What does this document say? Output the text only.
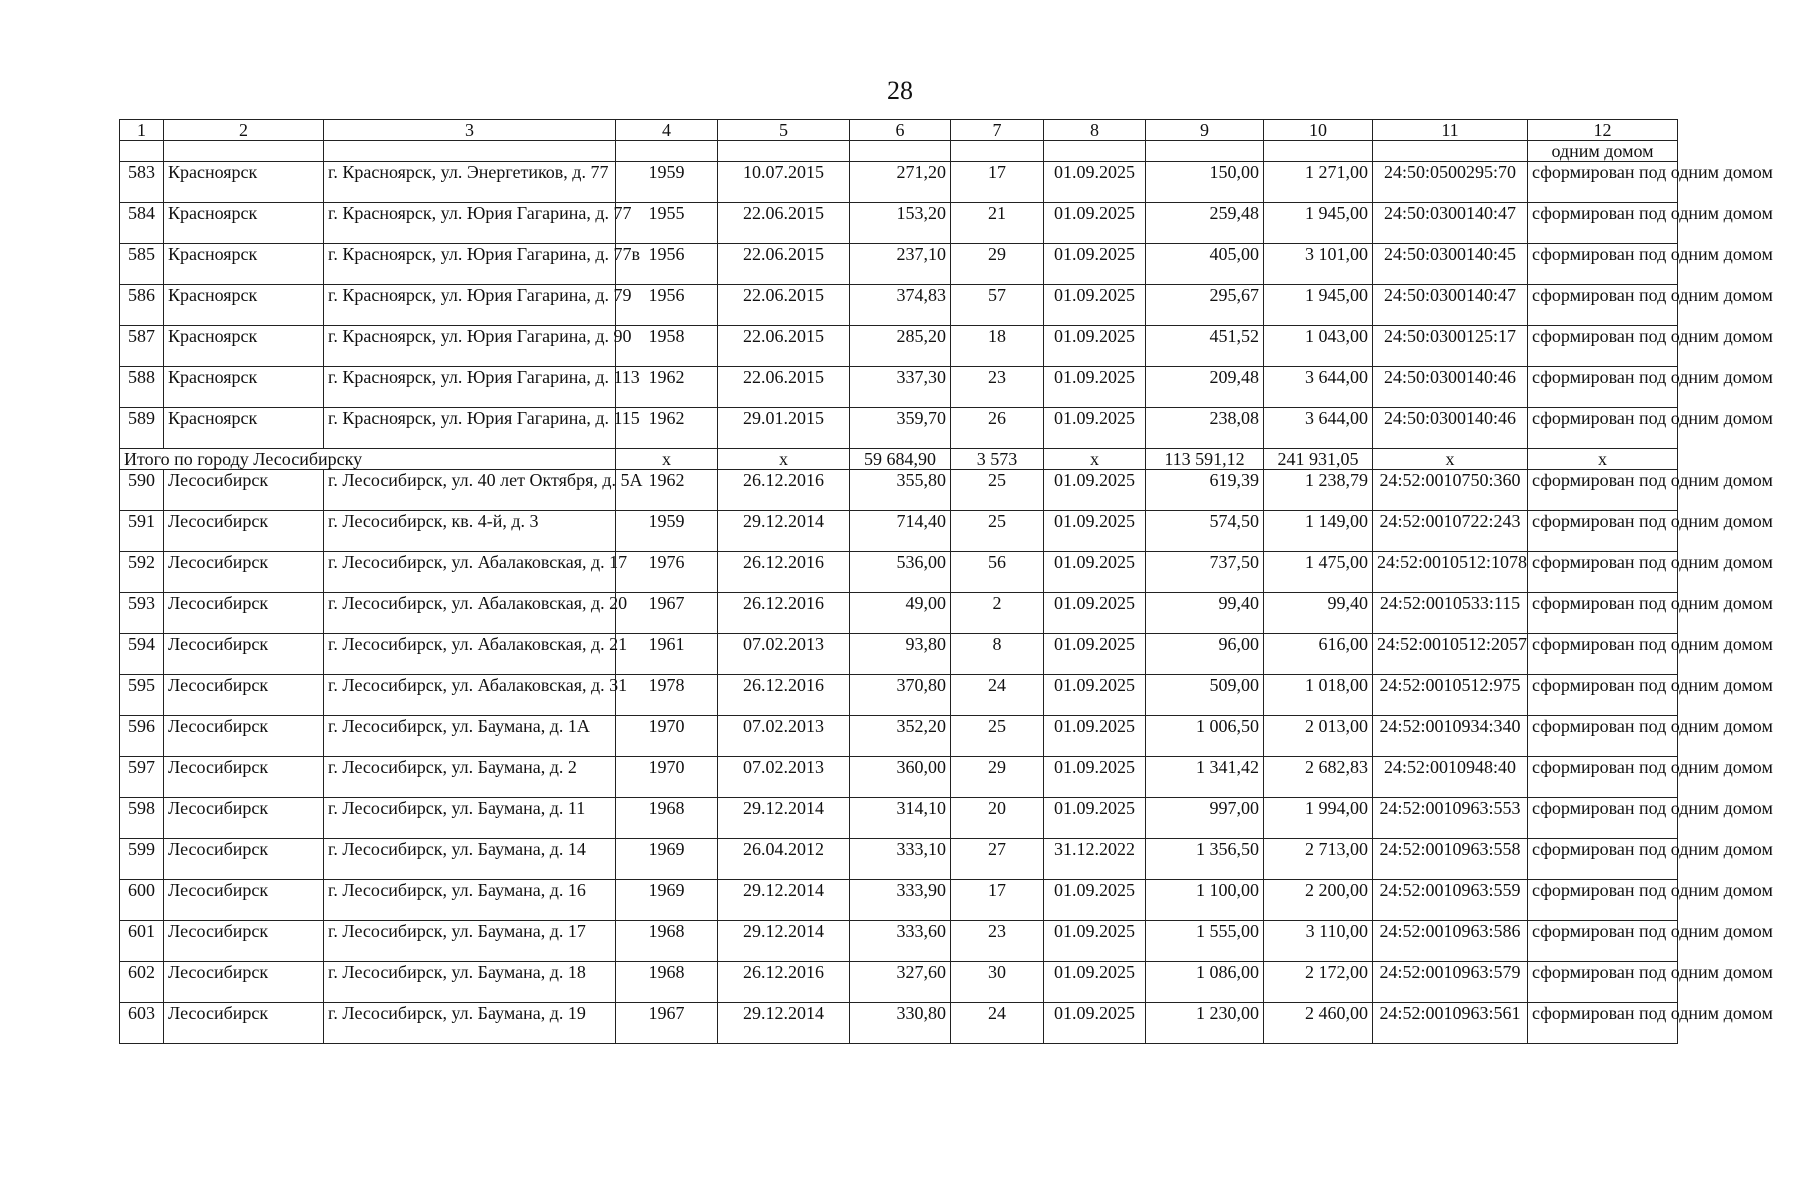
28
1	2	3	4	5	6	7	8	9	10	11	12
											одним домом
583	Красноярск	г. Красноярск, ул. Энергетиков, д. 77	1959	10.07.2015	271,20	17	01.09.2025	150,00	1 271,00	24:50:0500295:70	сформирован под одним домом
584	Красноярск	г. Красноярск, ул. Юрия Гагарина, д. 77	1955	22.06.2015	153,20	21	01.09.2025	259,48	1 945,00	24:50:0300140:47	сформирован под одним домом
585	Красноярск	г. Красноярск, ул. Юрия Гагарина, д. 77в	1956	22.06.2015	237,10	29	01.09.2025	405,00	3 101,00	24:50:0300140:45	сформирован под одним домом
586	Красноярск	г. Красноярск, ул. Юрия Гагарина, д. 79	1956	22.06.2015	374,83	57	01.09.2025	295,67	1 945,00	24:50:0300140:47	сформирован под одним домом
587	Красноярск	г. Красноярск, ул. Юрия Гагарина, д. 90	1958	22.06.2015	285,20	18	01.09.2025	451,52	1 043,00	24:50:0300125:17	сформирован под одним домом
588	Красноярск	г. Красноярск, ул. Юрия Гагарина, д. 113	1962	22.06.2015	337,30	23	01.09.2025	209,48	3 644,00	24:50:0300140:46	сформирован под одним домом
589	Красноярск	г. Красноярск, ул. Юрия Гагарина, д. 115	1962	29.01.2015	359,70	26	01.09.2025	238,08	3 644,00	24:50:0300140:46	сформирован под одним домом
Итого по городу Лесосибирску			х	х	59 684,90	3 573	х	113 591,12	241 931,05	х	х
590	Лесосибирск	г. Лесосибирск, ул. 40 лет Октября, д. 5А	1962	26.12.2016	355,80	25	01.09.2025	619,39	1 238,79	24:52:0010750:360	сформирован под одним домом
591	Лесосибирск	г. Лесосибирск, кв. 4-й, д. 3	1959	29.12.2014	714,40	25	01.09.2025	574,50	1 149,00	24:52:0010722:243	сформирован под одним домом
592	Лесосибирск	г. Лесосибирск, ул. Абалаковская, д. 17	1976	26.12.2016	536,00	56	01.09.2025	737,50	1 475,00	24:52:0010512:1078	сформирован под одним домом
593	Лесосибирск	г. Лесосибирск, ул. Абалаковская, д. 20	1967	26.12.2016	49,00	2	01.09.2025	99,40	99,40	24:52:0010533:115	сформирован под одним домом
594	Лесосибирск	г. Лесосибирск, ул. Абалаковская, д. 21	1961	07.02.2013	93,80	8	01.09.2025	96,00	616,00	24:52:0010512:2057	сформирован под одним домом
595	Лесосибирск	г. Лесосибирск, ул. Абалаковская, д. 31	1978	26.12.2016	370,80	24	01.09.2025	509,00	1 018,00	24:52:0010512:975	сформирован под одним домом
596	Лесосибирск	г. Лесосибирск, ул. Баумана, д. 1А	1970	07.02.2013	352,20	25	01.09.2025	1 006,50	2 013,00	24:52:0010934:340	сформирован под одним домом
597	Лесосибирск	г. Лесосибирск, ул. Баумана, д. 2	1970	07.02.2013	360,00	29	01.09.2025	1 341,42	2 682,83	24:52:0010948:40	сформирован под одним домом
598	Лесосибирск	г. Лесосибирск, ул. Баумана, д. 11	1968	29.12.2014	314,10	20	01.09.2025	997,00	1 994,00	24:52:0010963:553	сформирован под одним домом
599	Лесосибирск	г. Лесосибирск, ул. Баумана, д. 14	1969	26.04.2012	333,10	27	31.12.2022	1 356,50	2 713,00	24:52:0010963:558	сформирован под одним домом
600	Лесосибирск	г. Лесосибирск, ул. Баумана, д. 16	1969	29.12.2014	333,90	17	01.09.2025	1 100,00	2 200,00	24:52:0010963:559	сформирован под одним домом
601	Лесосибирск	г. Лесосибирск, ул. Баумана, д. 17	1968	29.12.2014	333,60	23	01.09.2025	1 555,00	3 110,00	24:52:0010963:586	сформирован под одним домом
602	Лесосибирск	г. Лесосибирск, ул. Баумана, д. 18	1968	26.12.2016	327,60	30	01.09.2025	1 086,00	2 172,00	24:52:0010963:579	сформирован под одним домом
603	Лесосибирск	г. Лесосибирск, ул. Баумана, д. 19	1967	29.12.2014	330,80	24	01.09.2025	1 230,00	2 460,00	24:52:0010963:561	сформирован под одним домом
